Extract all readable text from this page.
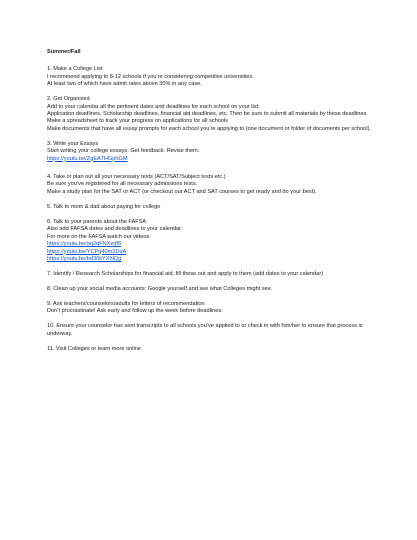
Summer/Fall
1. Make a College List
I recommend applying to 8-12 schools if you’re considering competitive universities.
At least two of which have admit rates above 30% in any case.
2. Get Organized
Add to your calendar all the pertinent dates and deadlines for each school on your list:
Application deadlines, Scholarship deadlines, financial aid deadlines, etc. Then be sure to submit all materials by these deadlines.
Make a spreadsheet to track your progress on applications for all schools
Make documents that have all essay prompts for each school you’re applying to (one document or folder of documents per school).
3. Write your Essays
Start writing your college essays. Get feedback. Revise them.
https://youtu.be/ZgEA7HGphGM
4. Take or plan out all your necessary tests (ACT/SAT/Subject tests etc.)
Be sure you’ve registered for all necessary admissions tests.
Make a study plan for the SAT or ACT (or checkout our ACT and SAT courses to get ready and do your best).
5. Talk to mom & dad about paying for college
6. Talk to your parents about the FAFSA
Also add FAFSA dates and deadlines to your calendar.
For more on the FAFSA watch our videos:
https://youtu.be/aq2qFNXzdf8
https://youtu.be/YCPq40m2DuA
https://youtu.be/bd30kYXhlQg
7. Identify / Research Scholarships for financial aid, fill these out and apply to them (add dates to your calendar)
8. Clean up your social media accounts: Google yourself and see what Colleges might see.
9. Ask teachers/counselors/adults for letters of recommendation
Don’t procrastinate! Ask early and follow up the week before deadlines.
10. Ensure your counselor has sent transcripts to all schools you’ve applied to or check in with him/her to ensure that process is underway.
11. Visit Colleges or learn more online
